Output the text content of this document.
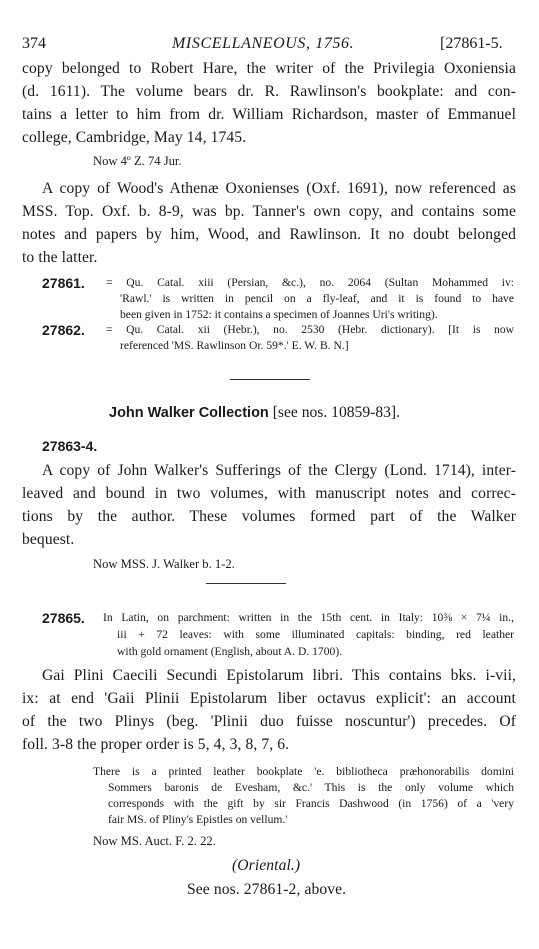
374	MISCELLANEOUS, 1756.	[27861-5.
copy belonged to Robert Hare, the writer of the Privilegia Oxoniensia
(d. 1611). The volume bears dr. R. Rawlinson's bookplate: and con-
tains a letter to him from dr. William Richardson, master of Emmanuel
college, Cambridge, May 14, 1745.
Now 4º Z. 74 Jur.
A copy of Wood's Athenæ Oxonienses (Oxf. 1691), now referenced as
MSS. Top. Oxf. b. 8-9, was bp. Tanner's own copy, and contains some
notes and papers by him, Wood, and Rawlinson. It no doubt belonged
to the latter.
27861. = Qu. Catal. xiii (Persian, &c.), no. 2064 (Sultan Mohammed iv:
'Rawl.' is written in pencil on a fly-leaf, and it is found to have
been given in 1752: it contains a specimen of Joannes Uri's writing).
27862. = Qu. Catal. xii (Hebr.), no. 2530 (Hebr. dictionary). [It is now
referenced 'MS. Rawlinson Or. 59*.' E. W. B. N.]
John Walker Collection [see nos. 10859-83].
27863-4.
A copy of John Walker's Sufferings of the Clergy (Lond. 1714), inter-
leaved and bound in two volumes, with manuscript notes and correc-
tions by the author. These volumes formed part of the Walker
bequest.
Now MSS. J. Walker b. 1-2.
27865. In Latin, on parchment: written in the 15th cent. in Italy: 10⅜ × 7¼ in.,
iii + 72 leaves: with some illuminated capitals: binding, red leather
with gold ornament (English, about A. D. 1700).
Gai Plini Caecili Secundi Epistolarum libri. This contains bks. i-vii,
ix: at end 'Gaii Plinii Epistolarum liber octavus explicit': an account
of the two Plinys (beg. 'Plinii duo fuisse noscuntur') precedes. Of
foll. 3-8 the proper order is 5, 4, 3, 8, 7, 6.
There is a printed leather bookplate 'e. bibliotheca præhonorabilis domini
Sommers baronis de Evesham, &c.' This is the only volume which
corresponds with the gift by sir Francis Dashwood (in 1756) of a 'very
fair MS. of Pliny's Epistles on vellum.'
Now MS. Auct. F. 2. 22.
(Oriental.)
See nos. 27861-2, above.
